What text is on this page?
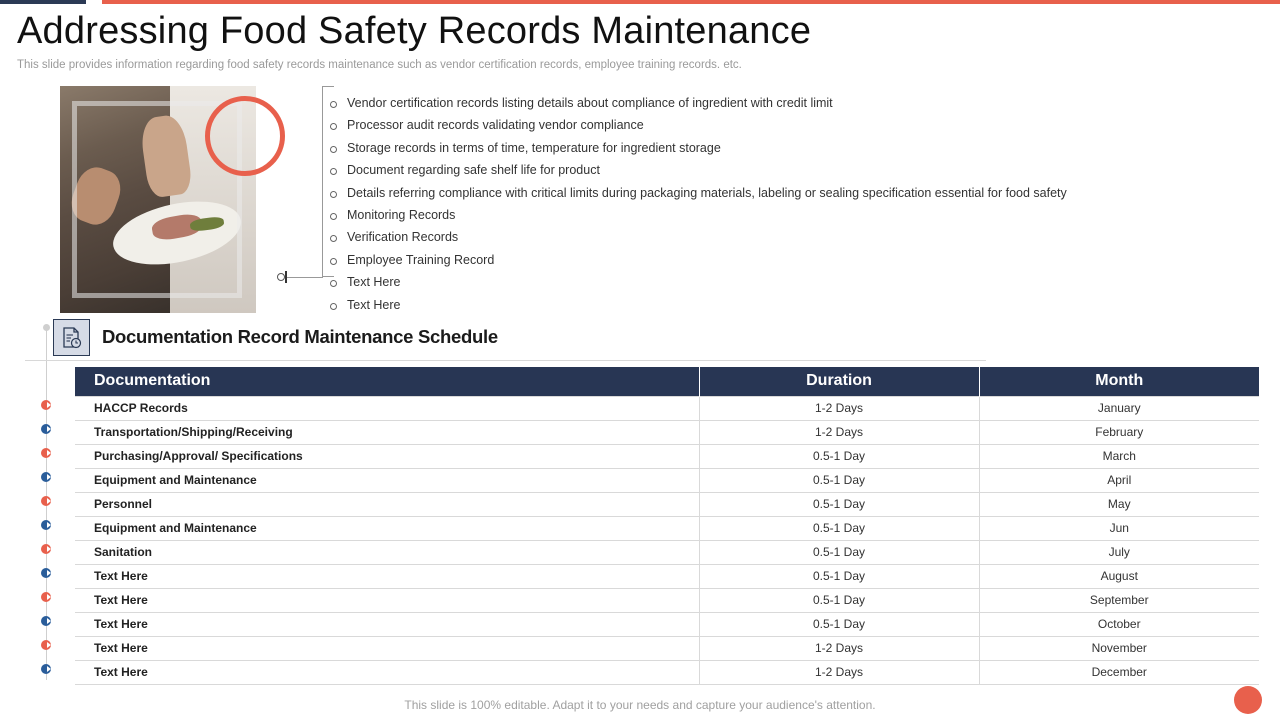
Addressing Food Safety Records Maintenance

This slide provides information regarding food safety records maintenance such as vendor certification records, employee training records. etc.

Vendor certification records listing details about compliance of ingredient with credit limit
Processor audit records validating vendor compliance
Storage records in terms of time, temperature for ingredient storage
Document regarding safe shelf life for product
Details referring compliance with critical limits during packaging materials, labeling or sealing specification essential for food safety
Monitoring Records
Verification Records
Employee Training Record
Text Here
Text Here
Documentation Record Maintenance Schedule
Documentation	Duration	Month
HACCP Records	1-2 Days	January
Transportation/Shipping/Receiving	1-2 Days	February
Purchasing/Approval/ Specifications	0.5-1 Day	March
Equipment and Maintenance	0.5-1 Day	April
Personnel	0.5-1 Day	May
Equipment and Maintenance	0.5-1 Day	Jun
Sanitation	0.5-1 Day	July
Text Here	0.5-1 Day	August
Text Here	0.5-1 Day	September
Text Here	0.5-1 Day	October
Text Here	1-2 Days	November
Text Here	1-2 Days	December

This slide is 100% editable. Adapt it to your needs and capture your audience's attention.
